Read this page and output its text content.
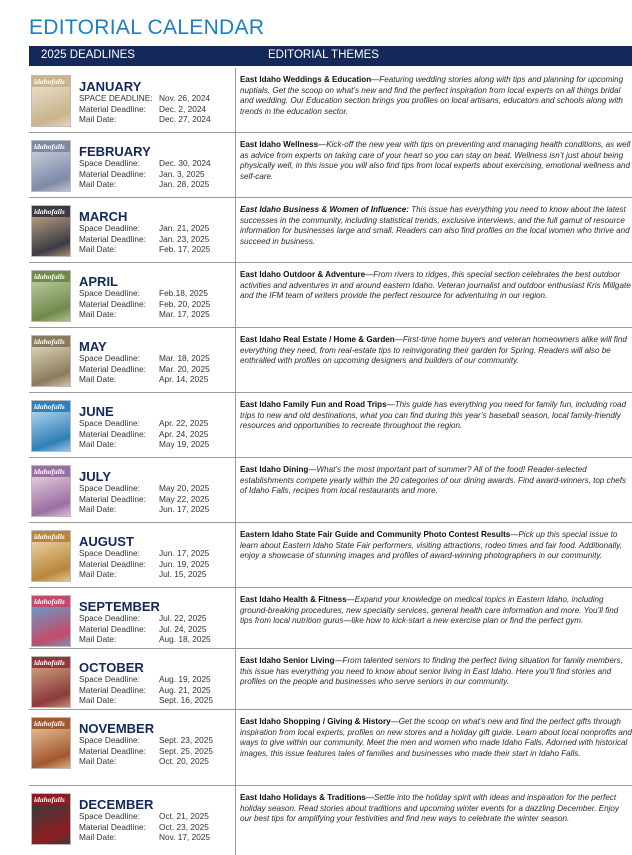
EDITORIAL CALENDAR
2025 DEADLINES	EDITORIAL THEMES
idahofalls	JANUARY
SPACE DEADLINE: Nov. 26, 2024
Material Deadline: Dec. 2, 2024
Mail Date:	Dec. 27, 2024
East Idaho Weddings & Education—Featuring wedding stories along with tips and planning for upcoming nuptials. Get the scoop on what’s new and find the perfect inspiration from local experts on all things bridal and wedding. Our Education section brings you profiles on local artisans, educators and schools along with trends in the education sector.
idahofalls	FEBRUARY
Space Deadline: Dec. 30, 2024
Material Deadline: Jan. 3, 2025
Mail Date:	Jan. 28, 2025
East Idaho Wellness—Kick-off the new year with tips on preventing and managing health conditions, as well as advice from experts on taking care of your heart so you can stay on beat. Wellness isn’t just about being physically well, in this issue you will also find tips from local experts about exercising, emotional wellness and self-care.
idahofalls	MARCH
Space Deadline: Jan. 21, 2025
Material Deadline: Jan. 23, 2025
Mail Date:	Feb. 17, 2025
East Idaho Business & Women of Influence: This issue has everything you need to know about the latest successes in the community, including statistical trends, exclusive interviews, and the full gamut of resource information for businesses large and small. Readers can also find profiles on the local women who thrive and succeed in business.
idahofalls	APRIL
Space Deadline: Feb.18, 2025
Material Deadline: Feb. 20, 2025
Mail Date:	Mar. 17, 2025
East Idaho Outdoor & Adventure—From rivers to ridges, this special section celebrates the best outdoor activities and adventures in and around eastern Idaho. Veteran journalist and outdoor enthusiast Kris Millgate and the IFM team of writers provide the perfect resource for adventuring in our region.
idahofalls	MAY
Space Deadline: Mar. 18, 2025
Material Deadline: Mar. 20, 2025
Mail Date:	Apr. 14, 2025
East Idaho Real Estate / Home & Garden—First-time home buyers and veteran homeowners alike will find everything they need, from real-estate tips to reinvigorating their garden for Spring. Readers will also be enthralled with profiles on upcoming designers and builders of our community.
idahofalls	JUNE
Space Deadline: Apr. 22, 2025
Material Deadline: Apr. 24, 2025
Mail Date:	May 19, 2025
East Idaho Family Fun and Road Trips—This guide has everything you need for family fun, including road trips to new and old destinations, what you can find during this year’s baseball season, local family-friendly resources and opportunities to recreate throughout the region.
idahofalls	JULY
Space Deadline: May 20, 2025
Material Deadline: May 22, 2025
Mail Date:	Jun. 17, 2025
East Idaho Dining—What’s the most important part of summer? All of the food! Reader-selected establishments compete yearly within the 20 categories of our dining awards. Find award-winners, top chefs of Idaho Falls, recipes from local restaurants and more.
idahofalls	AUGUST
Space Deadline: Jun. 17, 2025
Material Deadline: Jun. 19, 2025
Mail Date:	Jul. 15, 2025
Eastern Idaho State Fair Guide and Community Photo Contest Results—Pick up this special issue to learn about Eastern Idaho State Fair performers, visiting attractions, rodeo times and fair food. Additionally, enjoy a showcase of stunning images and profiles of award-winning photographers in our community.
idahofalls	SEPTEMBER
Space Deadline: Jul. 22, 2025
Material Deadline: Jul. 24, 2025
Mail Date:	Aug. 18, 2025
East Idaho Health & Fitness—Expand your knowledge on medical topics in Eastern Idaho, including ground-breaking procedures, new specialty services, general health care information and more. You’ll find tips from local nutrition gurus—like how to kick-start a new exercise plan or find the perfect gym.
idahofalls	OCTOBER
Space Deadline: Aug. 19, 2025
Material Deadline: Aug. 21, 2025
Mail Date:	Sept. 16, 2025
East Idaho Senior Living—From talented seniors to finding the perfect living situation for family members, this issue has everything you need to know about senior living in East Idaho. Here you’ll find stories and profiles on the people and businesses who serve seniors in our community.
idahofalls	NOVEMBER
Space Deadline: Sept. 23, 2025
Material Deadline: Sept. 25, 2025
Mail Date:	Oct. 20, 2025
East Idaho Shopping / Giving & History—Get the scoop on what’s new and find the perfect gifts through inspiration from local experts, profiles on new stores and a holiday gift guide. Learn about local nonprofits and ways to give within our community. Meet the men and women who made Idaho Falls. Adorned with historical images, this issue features tales of families and businesses who made their start in Idaho Falls.
idahofalls	DECEMBER
Space Deadline: Oct. 21, 2025
Material Deadline: Oct. 23, 2025
Mail Date:	Nov. 17, 2025
East Idaho Holidays & Traditions—Settle into the holiday spirit with ideas and inspiration for the perfect holiday season. Read stories about traditions and upcoming winter events for a dazzling December. Enjoy our best tips for amplifying your festivities and find new ways to celebrate the winter season.
